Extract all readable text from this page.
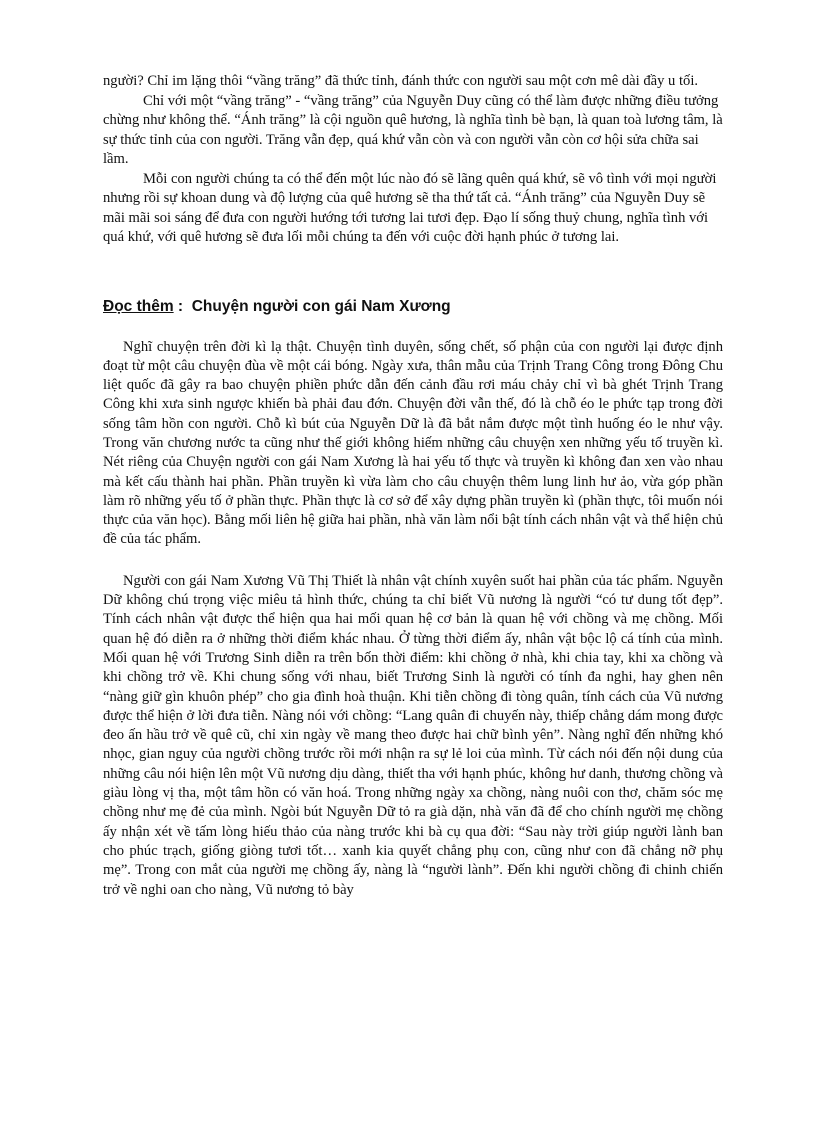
người? Chỉ im lặng thôi “vầng trăng” đã thức tỉnh, đánh thức con người sau một cơn mê dài đầy u tối.

Chỉ với một “vầng trăng” - “vầng trăng” của Nguyễn Duy cũng có thể làm được những điều tưởng chừng như không thể. “Ánh trăng” là cội nguồn quê hương, là nghĩa tình bè bạn, là quan toà lương tâm, là sự thức tỉnh của con người. Trăng vẫn đẹp, quá khứ vẫn còn và con người vẫn còn cơ hội sửa chữa sai lầm.

Mỗi con người chúng ta có thể đến một lúc nào đó sẽ lãng quên quá khứ, sẽ vô tình với mọi người nhưng rồi sự khoan dung và độ lượng của quê hương sẽ tha thứ tất cả. “Ánh trăng” của Nguyễn Duy sẽ mãi mãi soi sáng để đưa con người hướng tới tương lai tươi đẹp. Đạo lí sống thuỷ chung, nghĩa tình với quá khứ, với quê hương sẽ đưa lối mỗi chúng ta đến với cuộc đời hạnh phúc ở tương lai.

Đọc thêm :  Chuyện người con gái Nam Xương

Nghĩ chuyện trên đời kì lạ thật. Chuyện tình duyên, sống chết, số phận của con người lại được định đoạt từ một câu chuyện đùa về một cái bóng. Ngày xưa, thân mẫu của Trịnh Trang Công trong Đông Chu liệt quốc đã gây ra bao chuyện phiền phức dẫn đến cảnh đầu rơi máu chảy chỉ vì bà ghét Trịnh Trang Công khi xưa sinh ngược khiến bà phải đau đớn. Chuyện đời vẫn thế, đó là chỗ éo le phức tạp trong đời sống tâm hồn con người. Chỗ kì bút của Nguyễn Dữ là đã bắt nắm được một tình huống éo le như vậy. Trong văn chương nước ta cũng như thế giới không hiếm những câu chuyện xen những yếu tố truyền kì. Nét riêng của Chuyện người con gái Nam Xương là hai yếu tố thực và truyền kì không đan xen vào nhau mà kết cấu thành hai phần. Phần truyền kì vừa làm cho câu chuyện thêm lung linh hư ảo, vừa góp phần làm rõ những yếu tố ở phần thực. Phần thực là cơ sở để xây dựng phần truyền kì (phần thực, tôi muốn nói thực của văn học). Bằng mối liên hệ giữa hai phần, nhà văn làm nổi bật tính cách nhân vật và thể hiện chủ đề của tác phẩm.

Người con gái Nam Xương Vũ Thị Thiết là nhân vật chính xuyên suốt hai phần của tác phẩm. Nguyễn Dữ không chú trọng việc miêu tả hình thức, chúng ta chỉ biết Vũ nương là người “có tư dung tốt đẹp”. Tính cách nhân vật được thể hiện qua hai mối quan hệ cơ bản là quan hệ với chồng và mẹ chồng. Mối quan hệ đó diễn ra ở những thời điểm khác nhau. Ở từng thời điểm ấy, nhân vật bộc lộ cá tính của mình. Mối quan hệ với Trương Sinh diễn ra trên bốn thời điểm: khi chồng ở nhà, khi chia tay, khi xa chồng và khi chồng trở về. Khi chung sống với nhau, biết Trương Sinh là người có tính đa nghi, hay ghen nên “nàng giữ gìn khuôn phép” cho gia đình hoà thuận. Khi tiễn chồng đi tòng quân, tính cách của Vũ nương được thể hiện ở lời đưa tiễn. Nàng nói với chồng: “Lang quân đi chuyến này, thiếp chẳng dám mong được đeo ấn hầu trở về quê cũ, chỉ xin ngày về mang theo được hai chữ bình yên”. Nàng nghĩ đến những khó nhọc, gian nguy của người chồng trước rồi mới nhận ra sự lẻ loi của mình. Từ cách nói đến nội dung của những câu nói hiện lên một Vũ nương dịu dàng, thiết tha với hạnh phúc, không hư danh, thương chồng và giàu lòng vị tha, một tâm hồn có văn hoá. Trong những ngày xa chồng, nàng nuôi con thơ, chăm sóc mẹ chồng như mẹ đẻ của mình. Ngòi bút Nguyễn Dữ tỏ ra già dặn, nhà văn đã để cho chính người mẹ chồng ấy nhận xét về tấm lòng hiếu thảo của nàng trước khi bà cụ qua đời: “Sau này trời giúp người lành ban cho phúc trạch, giống giòng tươi tốt… xanh kia quyết chẳng phụ con, cũng như con đã chẳng nỡ phụ mẹ”. Trong con mắt của người mẹ chồng ấy, nàng là “người lành”. Đến khi người chồng đi chinh chiến trở về nghi oan cho nàng, Vũ nương tỏ bày
